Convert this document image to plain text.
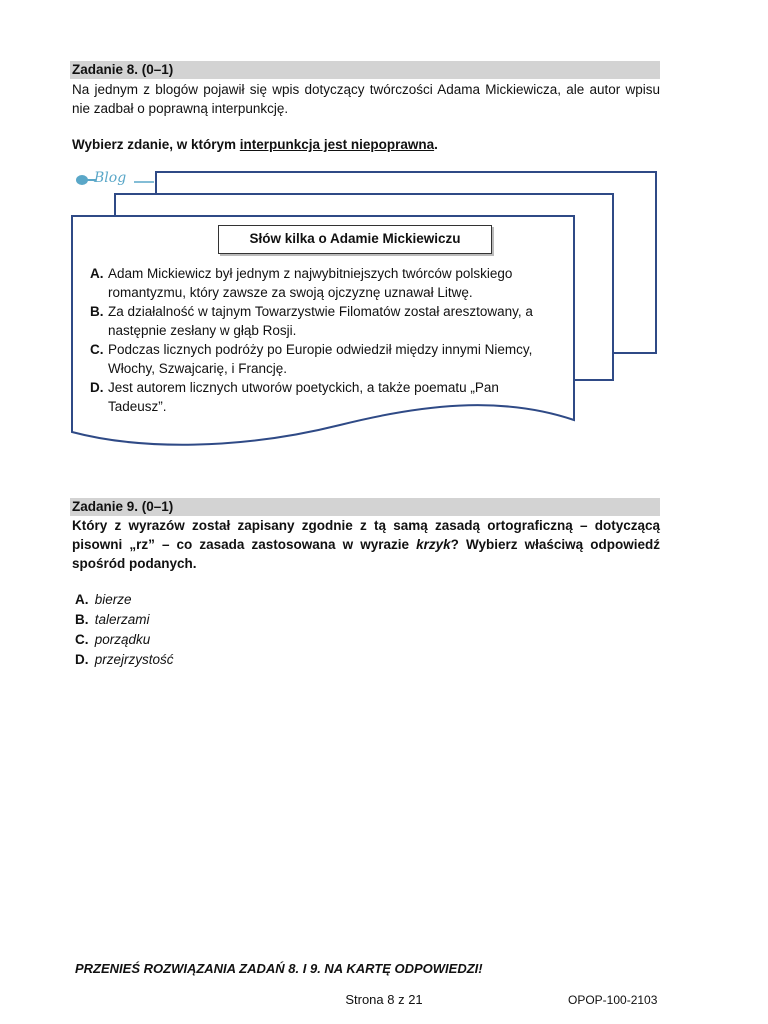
Zadanie 8. (0–1)
Na jednym z blogów pojawił się wpis dotyczący twórczości Adama Mickiewicza, ale autor wpisu nie zadbał o poprawną interpunkcję.
Wybierz zdanie, w którym interpunkcja jest niepoprawna.
Blog
Słów kilka o Adamie Mickiewiczu
A. Adam Mickiewicz był jednym z najwybitniejszych twórców polskiego romantyzmu, który zawsze za swoją ojczyznę uznawał Litwę.
B. Za działalność w tajnym Towarzystwie Filomatów został aresztowany, a następnie zesłany w głąb Rosji.
C. Podczas licznych podróży po Europie odwiedził między innymi Niemcy, Włochy, Szwajcarię, i Francję.
D. Jest autorem licznych utworów poetyckich, a także poematu „Pan Tadeusz”.
Zadanie 9. (0–1)
Który z wyrazów został zapisany zgodnie z tą samą zasadą ortograficzną – dotyczącą pisowni „rz” – co zasada zastosowana w wyrazie krzyk? Wybierz właściwą odpowiedź spośród podanych.
A. bierze
B. talerzami
C. porządku
D. przejrzystość
PRZENIEŚ ROZWIĄZANIA ZADAŃ 8. I 9. NA KARTĘ ODPOWIEDZI!
Strona 8 z 21	OPOP-100-2103
